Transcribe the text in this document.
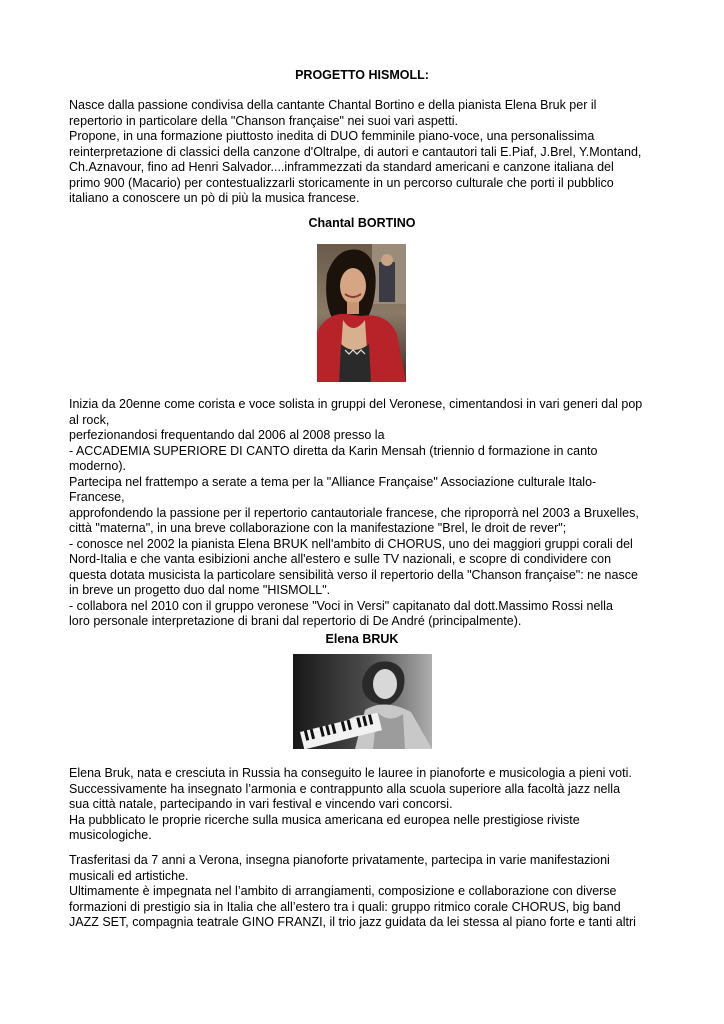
PROGETTO HISMOLL:
Nasce dalla passione condivisa della cantante Chantal Bortino e della pianista Elena Bruk per il
repertorio in particolare della "Chanson française" nei suoi vari aspetti.
Propone, in una formazione piuttosto inedita di DUO femminile piano-voce, una personalissima
reinterpretazione di classici della canzone d'Oltralpe, di autori e cantautori tali E.Piaf, J.Brel, Y.Montand,
Ch.Aznavour, fino ad Henri Salvador....inframmezzati da standard americani e canzone italiana del
primo 900 (Macario) per contestualizzarli storicamente in un percorso culturale che porti il pubblico
italiano a conoscere un pò di più la musica francese.
Chantal BORTINO
Inizia da 20enne come corista e voce solista in gruppi del Veronese, cimentandosi in vari generi dal pop
al rock,
perfezionandosi frequentando dal 2006 al 2008 presso la
- ACCADEMIA SUPERIORE DI CANTO diretta da Karin Mensah (triennio d formazione in canto
moderno).
Partecipa nel frattempo a serate a tema per la "Alliance Française" Associazione culturale Italo-
Francese,
approfondendo la passione per il repertorio cantautoriale francese, che riproporrà nel 2003 a Bruxelles,
città "materna", in una breve collaborazione con la manifestazione "Brel, le droit de rever";
- conosce nel 2002 la pianista Elena BRUK nell'ambito di CHORUS, uno dei maggiori gruppi corali del
Nord-Italia e che vanta esibizioni anche all'estero e sulle TV nazionali, e scopre di condividere con
questa dotata musicista la particolare sensibilità verso il repertorio della "Chanson française": ne nasce
in breve un progetto duo dal nome "HISMOLL".
- collabora nel 2010 con il gruppo veronese "Voci in Versi" capitanato dal dott.Massimo Rossi nella
loro personale interpretazione di brani dal repertorio di De André (principalmente).
Elena BRUK
Elena Bruk, nata e cresciuta in Russia ha conseguito le lauree in pianoforte e musicologia a pieni voti.
Successivamente ha insegnato l’armonia e contrappunto alla scuola superiore alla facoltà jazz nella
sua città natale, partecipando in vari festival e vincendo vari concorsi.
Ha pubblicato le proprie ricerche sulla musica americana ed europea nelle prestigiose riviste
musicologiche.
Trasferitasi da 7 anni a Verona, insegna pianoforte privatamente, partecipa in varie manifestazioni
musicali ed artistiche.
Ultimamente è impegnata nel l’ambito di arrangiamenti, composizione e collaborazione con diverse
formazioni di prestigio sia in Italia che all’estero tra i quali: gruppo ritmico corale CHORUS, big band
JAZZ SET, compagnia teatrale GINO FRANZI, il trio jazz guidata da lei stessa al piano forte e tanti altri
